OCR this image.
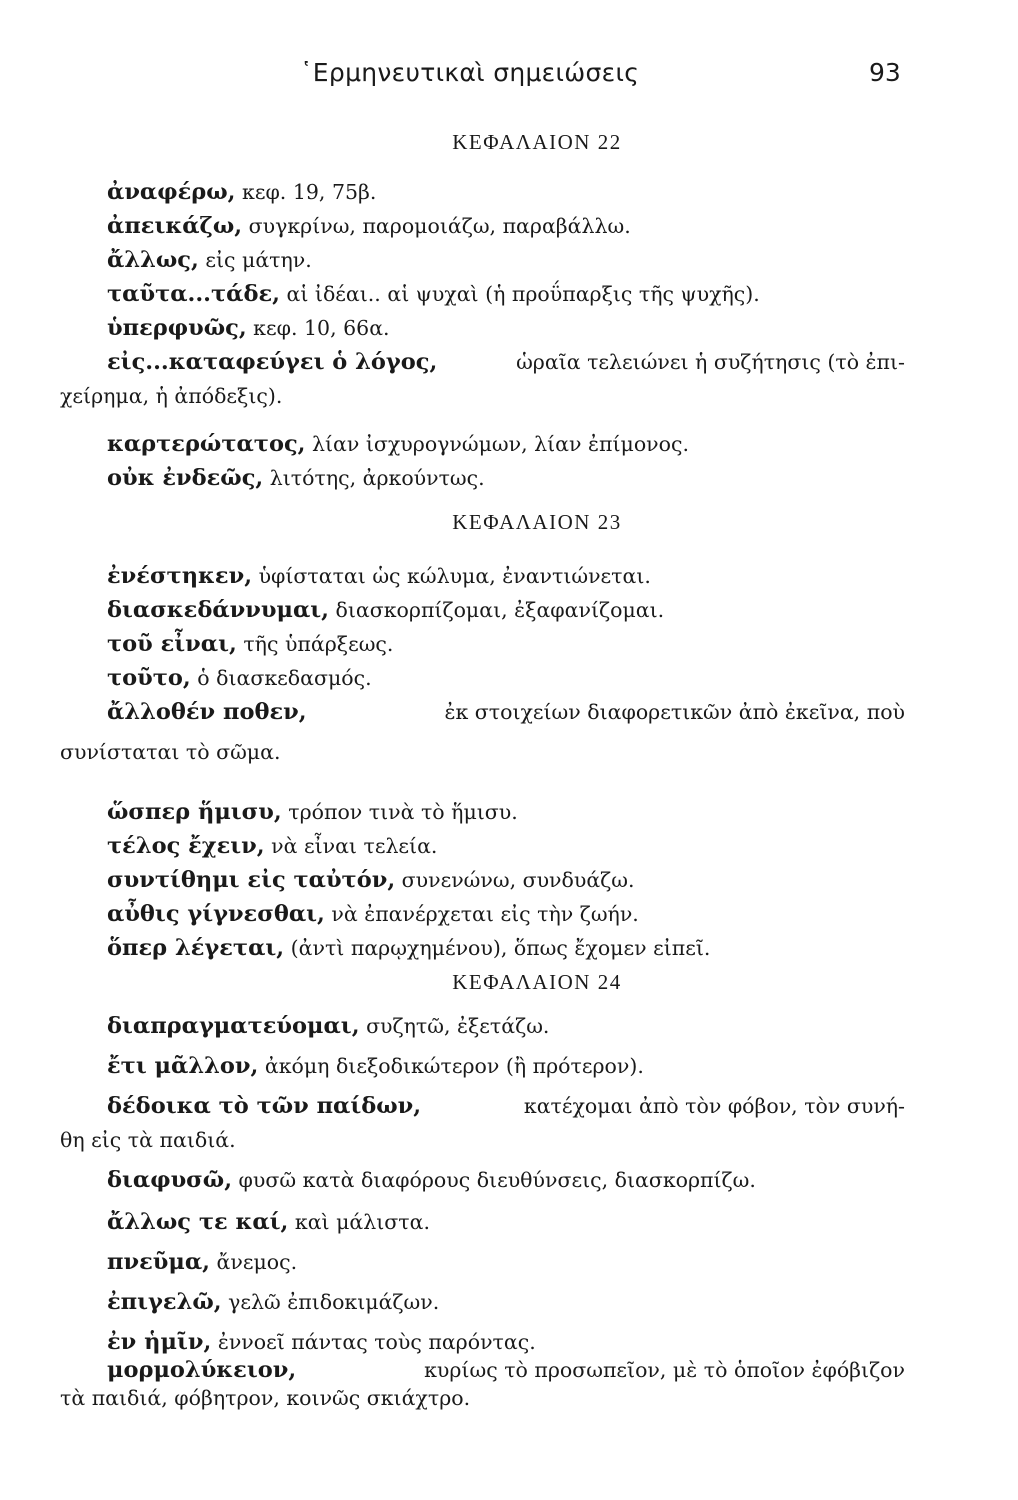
῾Ερμηνευτικαὶ σημειώσεις	93
ΚΕΦΑΛΑΙΟΝ 22
ἀναφέρω, κεφ. 19, 75β.
ἀπεικάζω, συγκρίνω, παρομοιάζω, παραβάλλω.
ἄλλως, εἰς μάτην.
ταῦτα...τάδε, αἱ ἰδέαι.. αἱ ψυχαὶ (ἡ προΰπαρξις τῆς ψυχῆς).
ὑπερφυῶς, κεφ. 10, 66α.
εἰς...καταφεύγει ὁ λόγος,	ὡραῖα τελειώνει ἡ συζήτησις (τὸ ἐπι-
χείρημα, ἡ ἀπόδεξις).
καρτερώτατος, λίαν ἰσχυρογνώμων, λίαν ἐπίμονος.
οὐκ ἐνδεῶς, λιτότης, ἀρκούντως.
ΚΕΦΑΛΑΙΟΝ 23
ἐνέστηκεν, ὑφίσταται ὡς κώλυμα, ἐναντιώνεται.
διασκεδάννυμαι, διασκορπίζομαι, ἐξαφανίζομαι.
τοῦ εἶναι, τῆς ὑπάρξεως.
τοῦτο, ὁ διασκεδασμός.
ἄλλοθέν ποθεν,	ἐκ στοιχείων διαφορετικῶν ἀπὸ ἐκεῖνα, ποὺ
συνίσταται τὸ σῶμα.
ὥσπερ ἥμισυ, τρόπον τινὰ τὸ ἥμισυ.
τέλος ἔχειν, νὰ εἶναι τελεία.
συντίθημι εἰς ταὐτόν, συνενώνω, συνδυάζω.
αὖθις γίγνεσθαι, νὰ ἐπανέρχεται εἰς τὴν ζωήν.
ὅπερ λέγεται, (ἀντὶ παρῳχημένου), ὅπως ἔχομεν εἰπεῖ.
ΚΕΦΑΛΑΙΟΝ 24
διαπραγματεύομαι, συζητῶ, ἐξετάζω.
ἔτι μᾶλλον, ἀκόμη διεξοδικώτερον (ἢ πρότερον).
δέδοικα τὸ τῶν παίδων,	κατέχομαι ἀπὸ τὸν φόβον, τὸν συνή-
θη εἰς τὰ παιδιά.
διαφυσῶ, φυσῶ κατὰ διαφόρους διευθύνσεις, διασκορπίζω.
ἄλλως τε καί, καὶ μάλιστα.
πνεῦμα, ἄνεμος.
ἐπιγελῶ, γελῶ ἐπιδοκιμάζων.
ἐν ἡμῖν, ἐννοεῖ πάντας τοὺς παρόντας.
μορμολύκειον,	κυρίως τὸ προσωπεῖον, μὲ τὸ ὁποῖον ἐφόβιζον
τὰ παιδιά, φόβητρον, κοινῶς σκιάχτρο.
